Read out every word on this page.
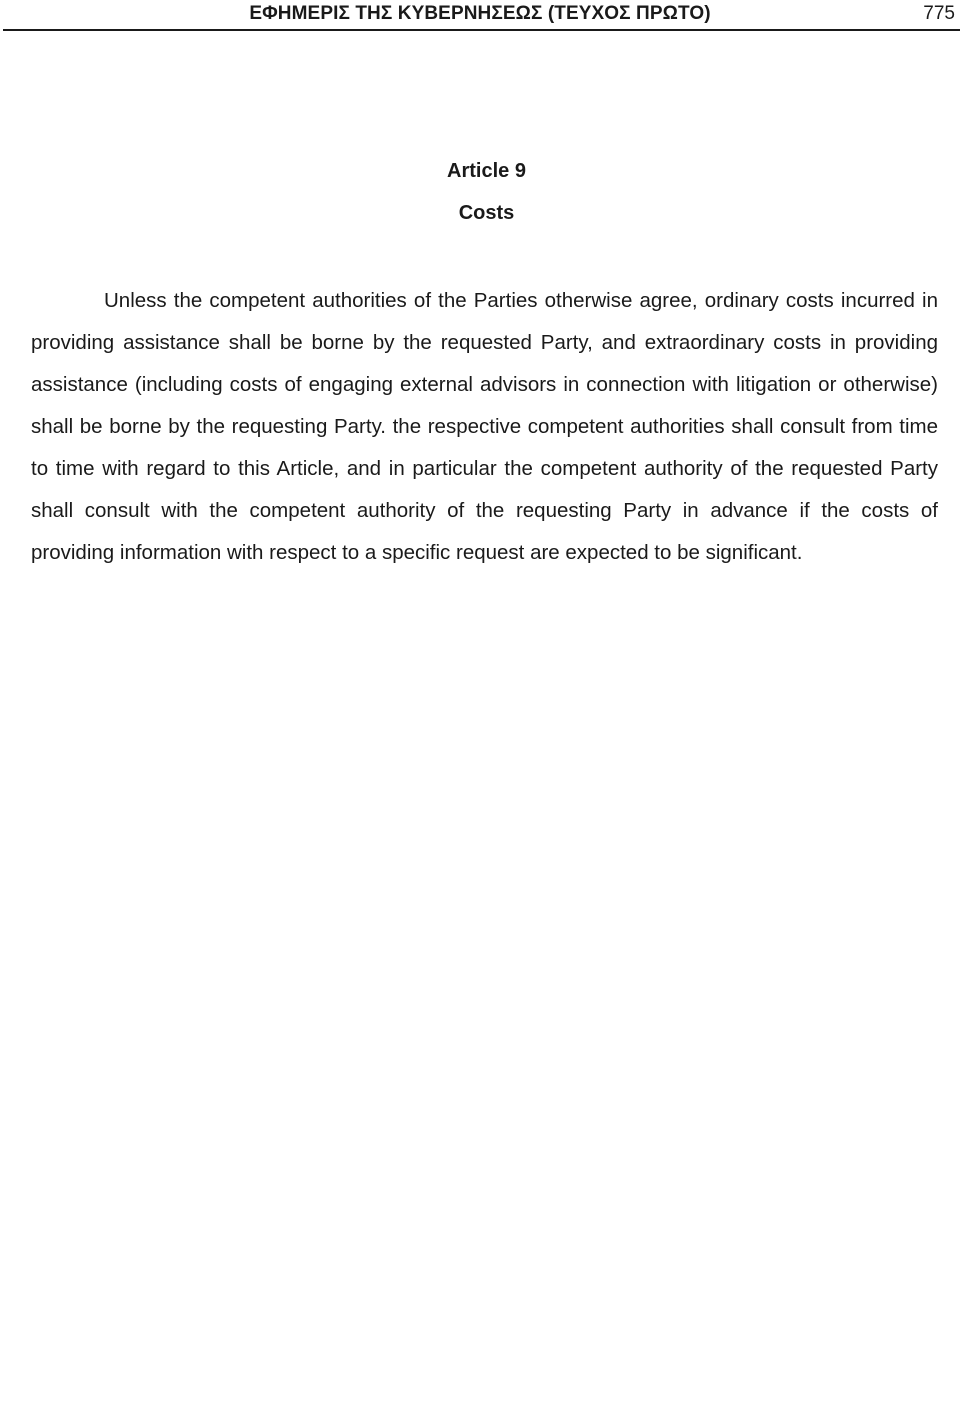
ΕΦΗΜΕΡΙΣ ΤΗΣ ΚΥΒΕΡΝΗΣΕΩΣ (ΤΕΥΧΟΣ ΠΡΩΤΟ)	775
Article 9
Costs

Unless the competent authorities of the Parties otherwise agree, ordinary costs incurred in providing assistance shall be borne by the requested Party, and extraordinary costs in providing assistance (including costs of engaging external advisors in connection with litigation or otherwise) shall be borne by the requesting Party. the respective competent authorities shall consult from time to time with regard to this Article, and in particular the competent authority of the requested Party shall consult with the competent authority of the requesting Party in advance if the costs of providing information with respect to a specific request are expected to be significant.
